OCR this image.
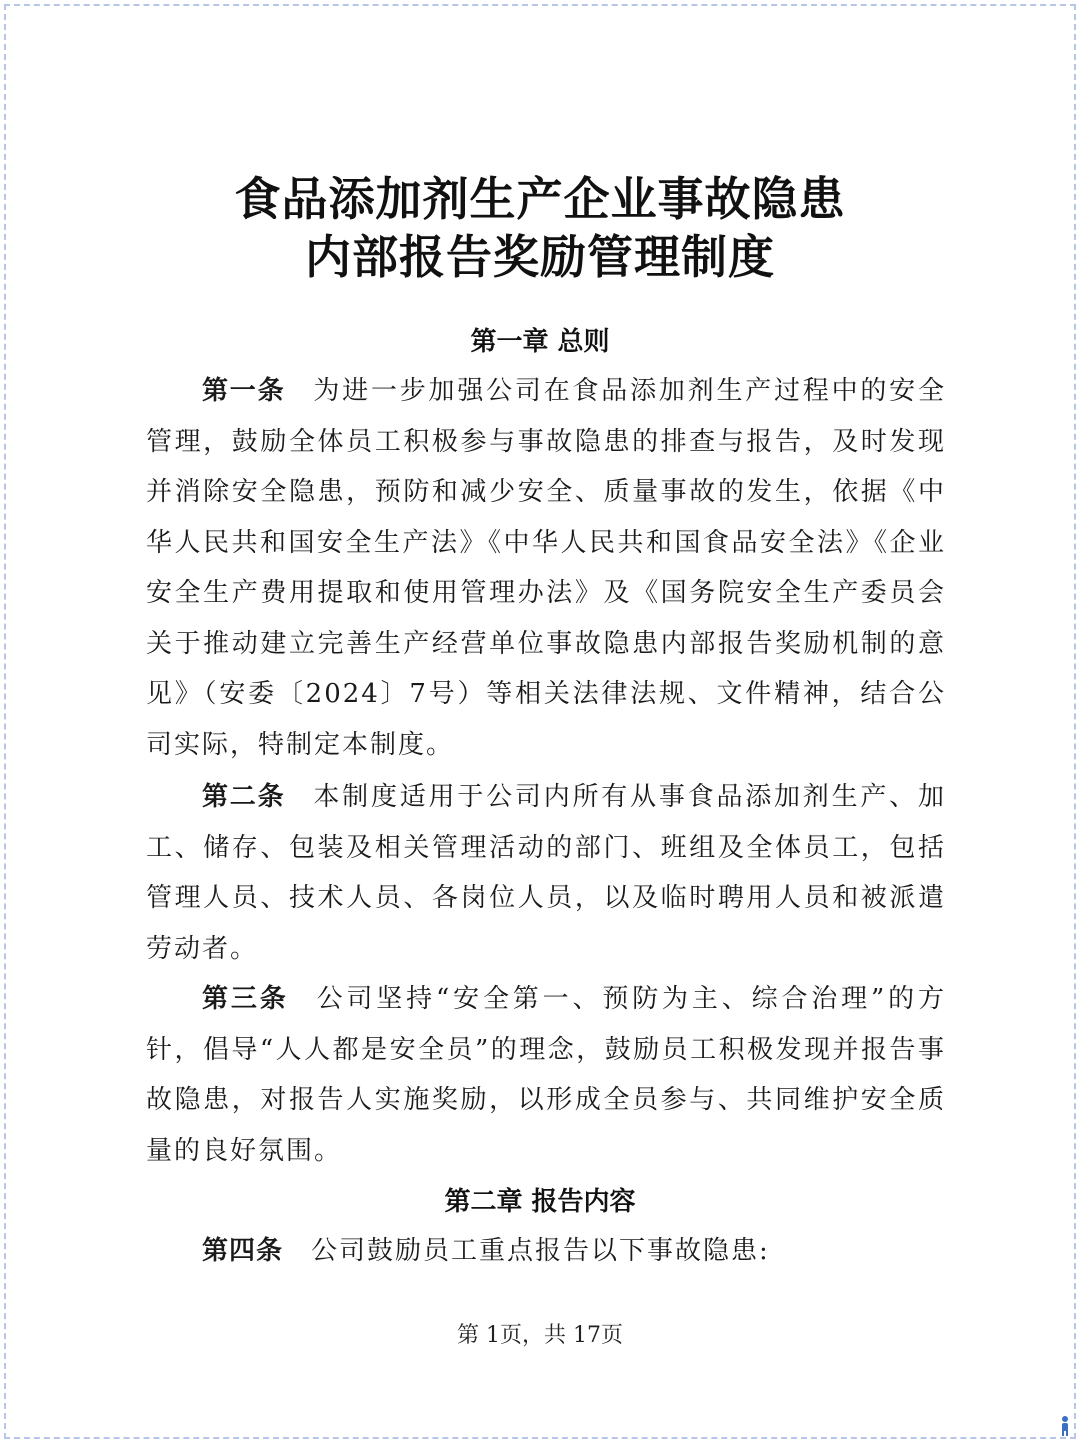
食品添加剂生产企业事故隐患
内部报告奖励管理制度
第一章 总则

第一条 为进一步加强公司在食品添加剂生产过程中的安全管理，鼓励全体员工积极参与事故隐患的排查与报告，及时发现并消除安全隐患，预防和减少安全、质量事故的发生，依据《中华人民共和国安全生产法》《中华人民共和国食品安全法》《企业安全生产费用提取和使用管理办法》及《国务院安全生产委员会关于推动建立完善生产经营单位事故隐患内部报告奖励机制的意见》（安委〔2024〕7号）等相关法律法规、文件精神，结合公司实际，特制定本制度。

第二条 本制度适用于公司内所有从事食品添加剂生产、加工、储存、包装及相关管理活动的部门、班组及全体员工，包括管理人员、技术人员、各岗位人员，以及临时聘用人员和被派遣劳动者。

第三条 公司坚持“安全第一、预防为主、综合治理”的方针，倡导“人人都是安全员”的理念，鼓励员工积极发现并报告事故隐患，对报告人实施奖励，以形成全员参与、共同维护安全质量的良好氛围。

第二章 报告内容

第四条 公司鼓励员工重点报告以下事故隐患:

第 1页，共 17页
